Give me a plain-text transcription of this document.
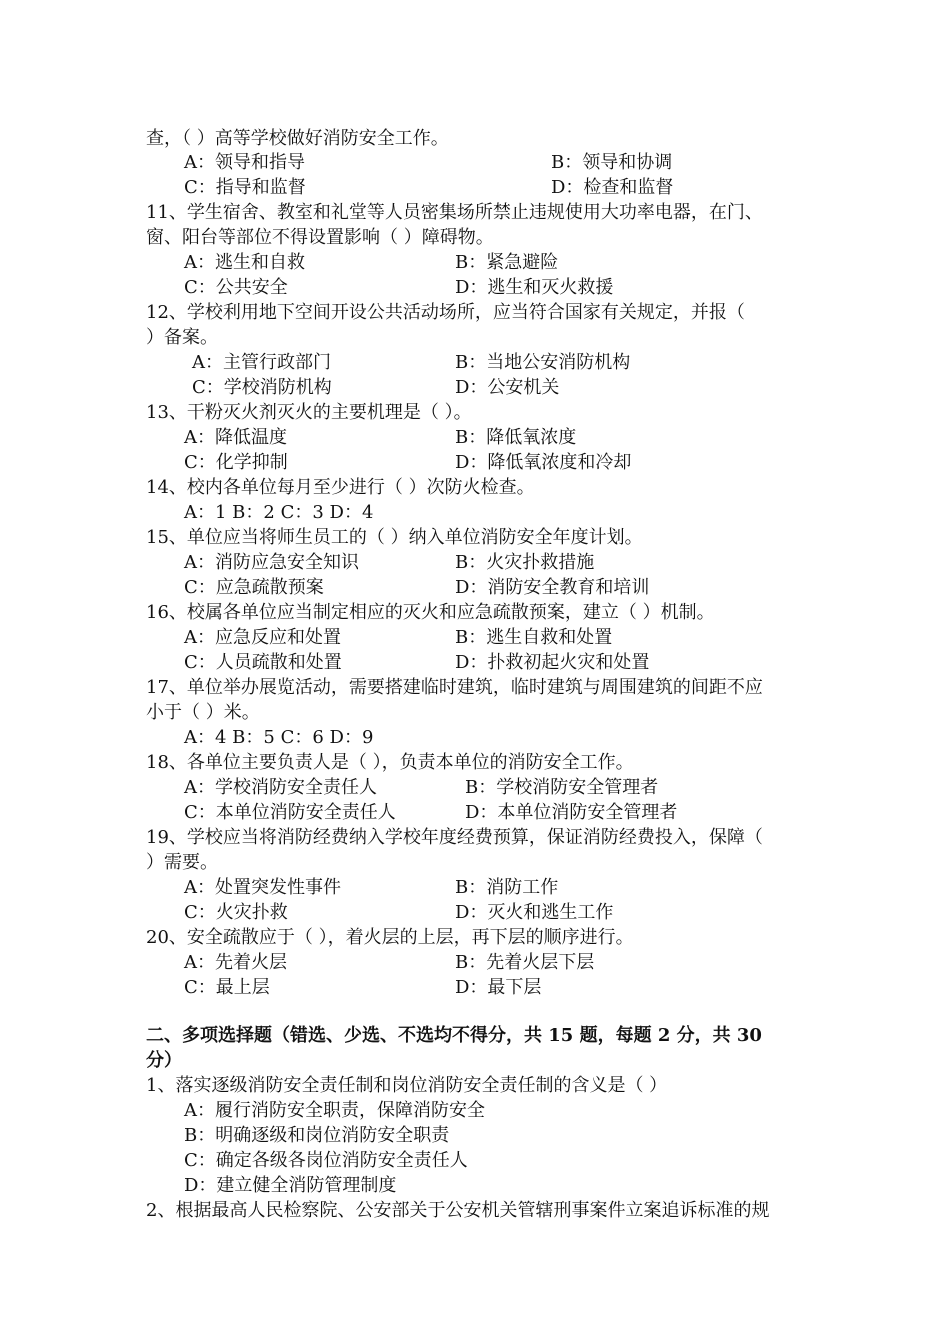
查，（ ）高等学校做好消防安全工作。
A：领导和指导	B：领导和协调
C：指导和监督	D：检查和监督
11、学生宿舍、教室和礼堂等人员密集场所禁止违规使用大功率电器，在门、
窗、阳台等部位不得设置影响（ ）障碍物。
A：逃生和自救	B：紧急避险
C：公共安全	D：逃生和灭火救援
12、学校利用地下空间开设公共活动场所，应当符合国家有关规定，并报（
）备案。
A：主管行政部门	B：当地公安消防机构
C：学校消防机构	D：公安机关
13、干粉灭火剂灭火的主要机理是（ ）。
A：降低温度	B：降低氧浓度
C：化学抑制	D：降低氧浓度和冷却
14、校内各单位每月至少进行（ ）次防火检查。
A：1 B：2 C：3 D：4
15、单位应当将师生员工的（ ）纳入单位消防安全年度计划。
A：消防应急安全知识	B：火灾扑救措施
C：应急疏散预案	D：消防安全教育和培训
16、校属各单位应当制定相应的灭火和应急疏散预案，建立（ ）机制。
A：应急反应和处置	B：逃生自救和处置
C：人员疏散和处置	D：扑救初起火灾和处置
17、单位举办展览活动，需要搭建临时建筑，临时建筑与周围建筑的间距不应
小于（ ）米。
A：4 B：5 C：6 D：9
18、各单位主要负责人是（ ），负责本单位的消防安全工作。
A：学校消防安全责任人	B：学校消防安全管理者
C：本单位消防安全责任人	D：本单位消防安全管理者
19、学校应当将消防经费纳入学校年度经费预算，保证消防经费投入，保障（
）需要。
A：处置突发性事件	B：消防工作
C：火灾扑救	D：灭火和逃生工作
20、安全疏散应于（ ），着火层的上层，再下层的顺序进行。
A：先着火层	B：先着火层下层
C：最上层	D：最下层
二、多项选择题（错选、少选、不选均不得分，共 15 题，每题 2 分，共 30
分）
1、落实逐级消防安全责任制和岗位消防安全责任制的含义是（ ）
A：履行消防安全职责，保障消防安全
B：明确逐级和岗位消防安全职责
C：确定各级各岗位消防安全责任人
D：建立健全消防管理制度
2、根据最高人民检察院、公安部关于公安机关管辖刑事案件立案追诉标准的规
